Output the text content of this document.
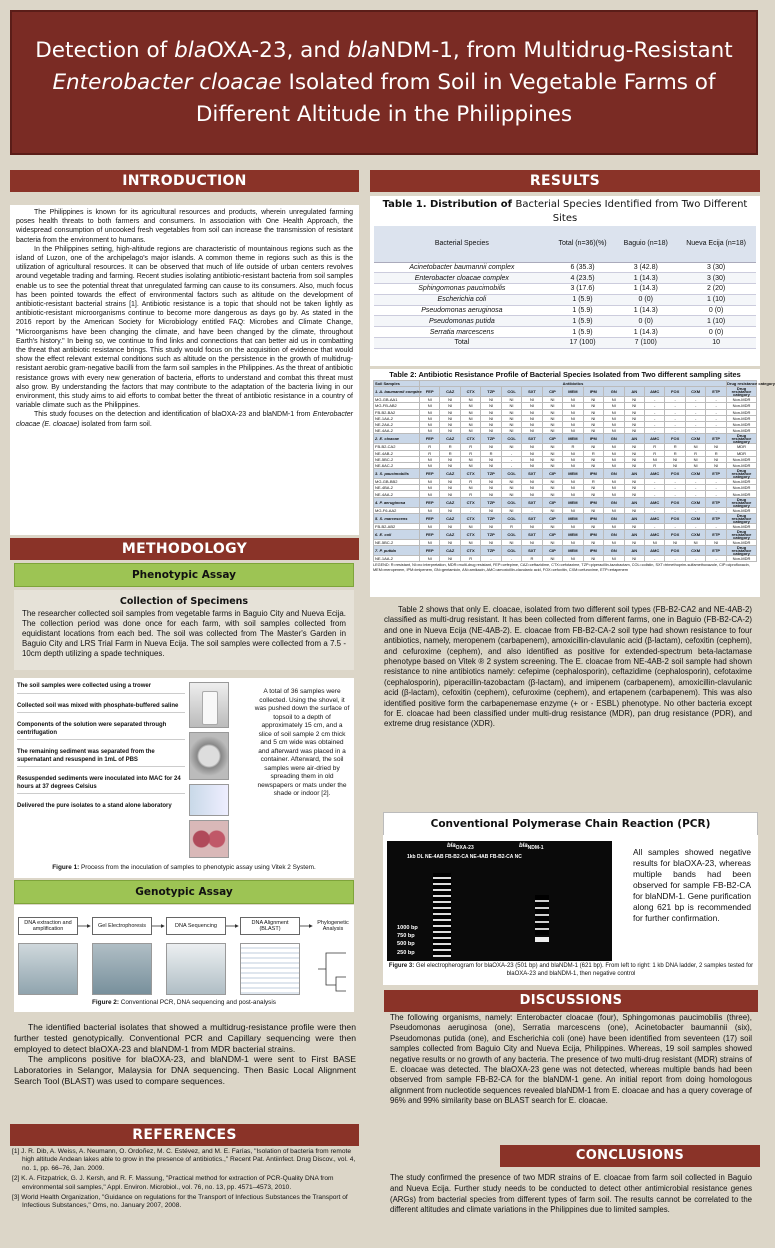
Detection of blaOXA-23, and blaNDM-1, from Multidrug-Resistant Enterobacter cloacae Isolated from Soil in Vegetable Farms of Different Altitude in the Philippines
INTRODUCTION

The Philippines is known for its agricultural resources and products, wherein unregulated farming poses health threats to both farmers and consumers. In association with One Health Approach, the widespread consumption of uncooked fresh vegetables from soil can increase the transmission of resistant bacteria from the environment to humans.

In the Philippines setting, high-altitude regions are characteristic of mountainous regions such as the island of Luzon, one of the archipelago's major islands. A common theme in regions such as this is the utilization of agricultural resources. It can be observed that much of life outside of urban centers revolves around vegetable trading and farming. Recent studies isolating antibiotic-resistant bacteria from soil samples enable us to see the potential threat that unregulated farming can cause to its consumers. Also, much focus has been pointed towards the effect of environmental factors such as altitude on the development of antibiotic-resistant bacterial strains [1]. Antibiotic resistance is a topic that should not be taken lightly as antibiotic-resistant microorganisms continue to become more dangerous as days go by. As stated in the 2016 report by the American Society for Microbiology entitled FAQ: Microbes and Climate Change, "Microorganisms have been changing the climate, and have been changed by the climate, throughout Earth's history." In being so, we continue to find links and connections that can better aid us in combatting the threat that antibiotic resistance brings. This study would focus on the acquisition of evidence that would show the effect relevant external conditions such as altitude on the persistence in the growth of multidrug-resistant aerobic gram-negative bacilli from the farm soil samples in the Philippines. As the threat of antibiotic resistance grows with every new generation of bacteria, efforts to understand and combat this threat must also grow. By understanding the factors that may contribute to the adaptation of the bacteria living in our environment, this study aims to aid efforts to combat better the threat of antibiotic resistance in a country of variable climate such as the Philippines.

This study focuses on the detection and identification of blaOXA-23 and blaNDM-1 from Enterobacter cloacae (E. cloacae) isolated from farm soil.

METHODOLOGY
Phenotypic Assay
Collection of Specimens
The researcher collected soil samples from vegetable farms in Baguio City and Nueva Ecija. The collection period was done once for each farm, with soil samples collected from equidistant locations from each bed. The soil was collected from The Master's Garden in Baguio City and LRS Trial Farm in Nueva Ecija. The soil samples were collected from a 7.5 - 10cm depth utilizing a spade techniques.
The soil samples were collected using a trower
Collected soil was mixed with phosphate-buffered saline
Components of the solution were separated through centrifugation
The remaining sediment was separated from the supernatant and resuspend in 1mL of PBS
Resuspended sediments were inoculated into MAC for 24 hours at 37 degrees Celsius
Delivered the pure isolates to a stand alone laboratory
A total of 36 samples were collected. Using the shovel, it was pushed down the surface of topsoil to a depth of approximately 15 cm, and a slice of soil sample 2 cm thick and 5 cm wide was obtained and afterward was placed in a container. Afterward, the soil samples were air-dried by spreading them in old newspapers or mats under the shade or indoor [2].
Figure 1: Process from the inoculation of samples to phenotypic assay using Vitek 2 System.
Genotypic Assay
DNA extraction and amplification	Gel Electrophoresis	DNA Sequencing	DNA Alignment (BLAST)
Phylogenetic Analysis
Figure 2: Conventional PCR, DNA sequencing and post-analysis

The identified bacterial isolates that showed a multidrug-resistance profile were then further tested genotypically. Conventional PCR and Capillary sequencing were then employed to detect blaOXA-23 and blaNDM-1 from MDR bacterial strains.

The amplicons positive for blaOXA-23, and blaNDM-1 were sent to First BASE Laboratories in Selangor, Malaysia for DNA sequencing. Then Basic Local Alignment Search Tool (BLAST) was used to compare sequences.

REFERENCES

[1] J. R. Dib, A. Weiss, A. Neumann, O. Ordoñez, M. C. Estévez, and M. E. Farías, "Isolation of bacteria from remote high altitude Andean lakes able to grow in the presence of antibiotics.," Recent Pat. Antiinfect. Drug Discov., vol. 4, no. 1, pp. 66–76, Jan. 2009.

[2] K. A. Fitzpatrick, G. J. Kersh, and R. F. Massung, "Practical method for extraction of PCR-Quality DNA from environmental soil samples," Appl. Environ. Microbiol., vol. 76, no. 13, pp. 4571–4573, 2010.

[3] World Health Organization, "Guidance on regulations for the Transport of Infectious Substances the Transport of Infectious Substances," Oms, no. January 2007, 2008.

RESULTS
Table 1. Distribution of Bacterial Species Identified from Two Different Sites
Bacterial Species	Total (n=36)(%)	Baguio (n=18)	Nueva Ecija (n=18)
Acinetobacter baumannii complex	6 (35.3)	3 (42.8)	3 (30)
Enterobacter cloacae complex	4 (23.5)	1 (14.3)	3 (30)
Sphingomonas paucimobilis	3 (17.6)	1 (14.3)	2 (20)
Escherichia coli	1 (5.9)	0 (0)	1 (10)
Pseudomonas aeruginosa	1 (5.9)	1 (14.3)	0 (0)
Pseudomonas putida	1 (5.9)	0 (0)	1 (10)
Serratia marcescens	1 (5.9)	1 (14.3)	0 (0)
Total	17 (100)	7 (100)	10
Table 2: Antibiotic Resistance Profile of Bacterial Species Isolated from Two different sampling sites
Soil Samples	Antibiotics															Drug resistance category
1. A. baumannii complex	FEP	CAZ	CTX	TZP	COL	SXT	CIP	MEM	IPM	GN	AN	AMC	FOX	CXM	ETP	Drug resistance category
MG-GB-AA1	NI	NI	NI	NI	NI	NI	NI	NI	NI	NI	NI	-	-	-	-	Non-MDR
MG-FB-AB2	NI	NI	NI	NI	NI	NI	NI	NI	NI	NI	NI	-	-	-	-	Non-MDR
FB-B2-BA2	NI	NI	NI	NI	NI	NI	NI	NI	NI	NI	NI	-	-	-	-	Non-MDR
NE-1AA-2	NI	NI	NI	NI	NI	NI	NI	NI	NI	NI	NI	-	-	-	-	Non-MDR
NE-2AA-2	NI	NI	NI	NI	NI	NI	NI	NI	NI	NI	NI	-	-	-	-	Non-MDR
NE-4AA-2	NI	NI	NI	NI	NI	NI	NI	NI	NI	NI	NI	-	-	-	-	Non-MDR
2. E. cloacae	FEP	CAZ	CTX	TZP	COL	SXT	CIP	MEM	IPM	GN	AN	AMC	FOX	CXM	ETP	Drug resistance category
FB-B2-CA2	R	R	R	NI	NI	NI	NI	R	NI	NI	NI	R	R	NI	NI	MDR
NE-4AB-2	R	R	R	R	-	NI	NI	NI	R	NI	NI	R	R	R	R	MDR
NE-5BC-2	NI	NI	NI	NI	-	NI	NI	NI	NI	NI	NI	NI	NI	NI	NI	Non-MDR
NE-6AC-2	NI	NI	NI	NI	-	NI	NI	NI	NI	NI	NI	R	NI	NI	NI	Non-MDR
3. S. paucimobilis	FEP	CAZ	CTX	TZP	COL	SXT	CIP	MEM	IPM	GN	AN	AMC	FOX	CXM	ETP	Drug resistance category
MG-GB-BB2	NI	NI	R	NI	NI	NI	NI	NI	R	NI	NI	-	-	-	-	Non-MDR
NE-4BA-2	NI	NI	NI	NI	NI	NI	NI	NI	NI	NI	NI	-	-	-	-	Non-MDR
NE-4AA-2	NI	NI	R	NI	NI	NI	NI	NI	NI	NI	NI	-	-	-	-	Non-MDR
4. P. aeruginosa	FEP	CAZ	CTX	TZP	COL	SXT	CIP	MEM	IPM	GN	AN	AMC	FOX	CXM	ETP	Drug resistance category
MG-F6-AA2	NI	NI	-	NI	NI	-	NI	NI	NI	NI	NI	-	-	-	-	Non-MDR
5. S. marcescens	FEP	CAZ	CTX	TZP	COL	SXT	CIP	MEM	IPM	GN	AN	AMC	FOX	CXM	ETP	Drug resistance category
FB-B2-AB2	NI	NI	NI	NI	R	NI	NI	NI	NI	NI	NI	-	-	-	-	Non-MDR
6. E. coli	FEP	CAZ	CTX	TZP	COL	SXT	CIP	MEM	IPM	GN	AN	AMC	FOX	CXM	ETP	Drug resistance category
NE-5BC-2	NI	NI	NI	NI	NI	NI	NI	NI	NI	NI	NI	NI	NI	NI	NI	Non-MDR
7. P. putida	FEP	CAZ	CTX	TZP	COL	SXT	CIP	MEM	IPM	GN	AN	AMC	FOX	CXM	ETP	Drug resistance category
NE-1AA-2	NI	NI	R	-	-	R	NI	NI	NI	NI	NI	-	-	-	-	Non-MDR
LEGEND: R=resistant, NI=no interpretation, MDR=multi-drug resistant, FEP=cefepime, CAZ=ceftazidime, CTX=cefotaxime, TZP=piperacillin-tazobactam, COL=colistin, SXT=trimethoprim-sulfamethoxazole, CIP=ciprofloxacin, MEM=meropenem, IPM=imipenem, GN=gentamicin, AN=amikacin, AMC=amoxicillin-clavulanic acid, FOX=cefoxitin, CXM=cefuroxime, ETP=ertapenem

Table 2 shows that only E. cloacae, isolated from two different soil types (FB-B2-CA2 and NE-4AB-2) classified as multi-drug resistant. It has been collected from different farms, one in Baguio (FB-B2-CA-2) and one in Nueva Ecija (NE-4AB-2). E. cloacae from FB-B2-CA-2 soil type had shown resistance to four antibiotics, namely, meropenem (carbapenem), amoxicillin-clavulanic acid (β-lactam), cefoxitin (cephem), and cefuroxime (cephem), and also identified as positive for extended-spectrum beta-lactamase phenotype based on Vitek ® 2 system screening. The E. cloacae from NE-4AB-2 soil sample had shown resistance to nine antibiotics namely: cefepime (cephalosporin), ceftazidime (cephalosporin), cefotaxime (cephalosporin), piperacillin-tazobactam (β-lactam), and imipenem (carbapenem), amoxicillin-clavulanic acid (β-lactam), cefoxitin (cephem), cefuroxime (cephem), and ertapenem (carbapenem). This was also identified positive form the carbapenemase enzyme (+ or - ESBL) phenotype. No other bacteria except for E. cloacae had been classified under multi-drug resistance (MDR), pan drug resistance (PDR), and extreme drug resistance (XDR).

Conventional Polymerase Chain Reaction (PCR)
bla$_{OXA-23}$	bla$_{NDM-1}$
1kb DL NE-4AB FB-B2-CA NE-4AB FB-B2-CA NC
1000 bp
750 bp
500 bp
250 bp
All samples showed negative results for blaOXA-23, whereas multiple bands had been observed for sample FB-B2-CA for blaNDM-1. Gene purification along 621 bp is recommended for further confirmation.
Figure 3: Gel electropherogram for blaOXA-23 (501 bp) and blaNDM-1 (621 bp). From left to right: 1 kb DNA ladder, 2 samples tested for blaOXA-23 and blaNDM-1, then negative control
DISCUSSIONS
The following organisms, namely: Enterobacter cloacae (four), Sphingomonas paucimobilis (three), Pseudomonas aeruginosa (one), Serratia marcescens (one), Acinetobacter baumannii (six), Pseudomonas putida (one), and Escherichia coli (one) have been identified from seventeen (17) soil samples collected from Baguio City and Nueva Ecija, Philippines. Whereas, 19 soil samples showed negative results or no growth of any bacteria. The presence of two multi-drug resistant (MDR) strains of E. cloacae was detected. The blaOXA-23 gene was not detected, whereas multiple bands had been observed from sample FB-B2-CA for the blaNDM-1 gene. An initial report from doing homologous alignment from nucleotide sequences revealed blaNDM-1 from E. cloacae and has a query coverage of 96% and 99% similarity base on BLAST search for E. cloacae.
CONCLUSIONS
The study confirmed the presence of two MDR strains of E. cloacae from farm soil collected in Baguio and Nueva Ecija. Further study needs to be conducted to detect other antimicrobial resistance genes (ARGs) from bacterial species from different types of farm soil. The results cannot be correlated to the different altitudes and climate variations in the Philippines due to limited samples.
